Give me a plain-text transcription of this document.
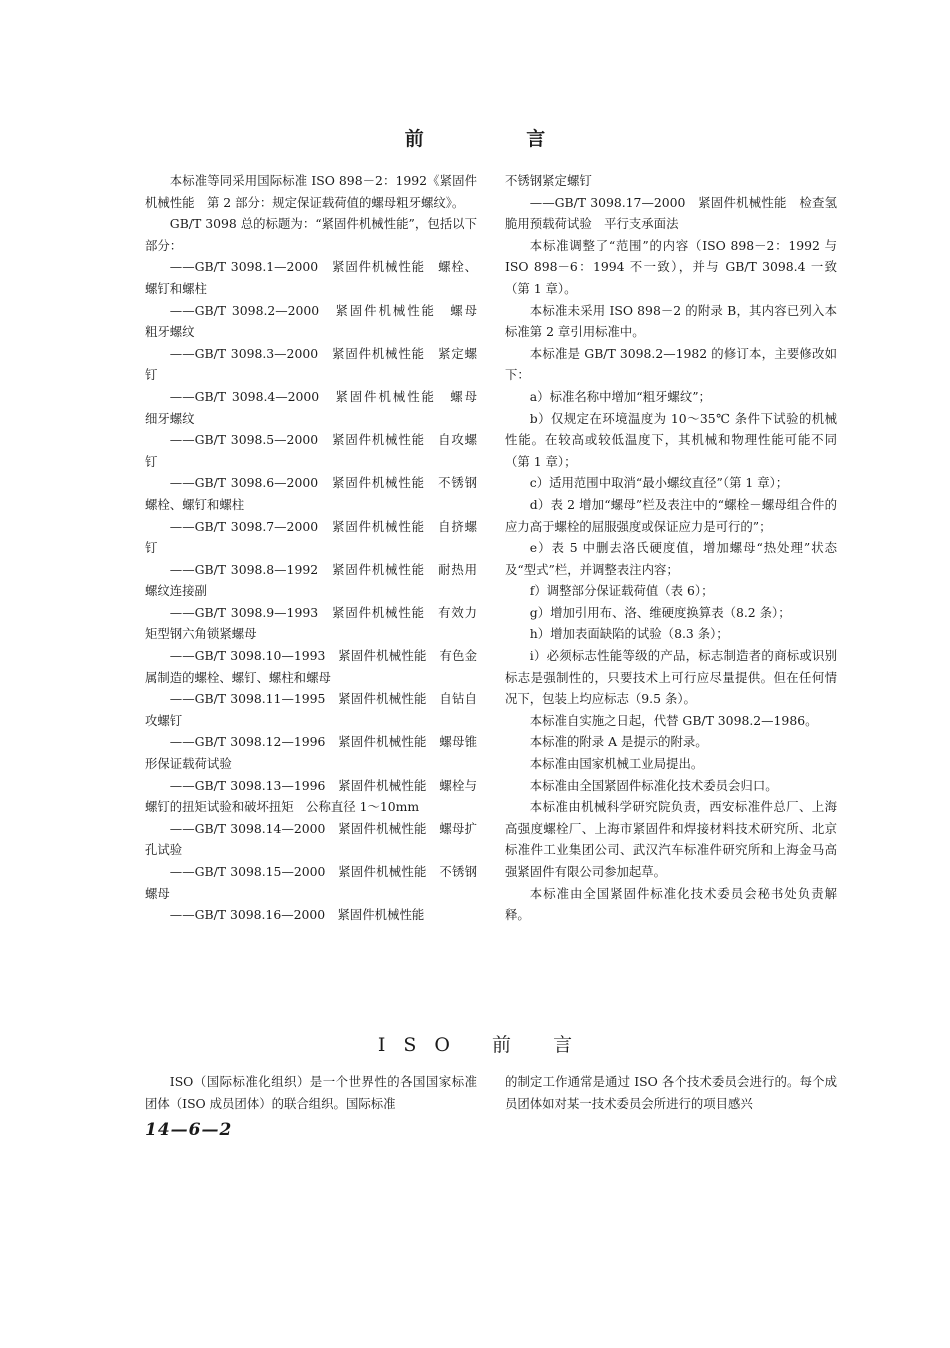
前 言

本标准等同采用国际标准 ISO 898－2：1992《紧固件机械性能　第 2 部分：规定保证载荷值的螺母粗牙螺纹》。

GB/T 3098 总的标题为：“紧固件机械性能”，包括以下部分：

——GB/T 3098.1—2000　紧固件机械性能　螺栓、螺钉和螺柱

——GB/T 3098.2—2000　紧固件机械性能　螺母　粗牙螺纹

——GB/T 3098.3—2000　紧固件机械性能　紧定螺钉

——GB/T 3098.4—2000　紧固件机械性能　螺母　细牙螺纹

——GB/T 3098.5—2000　紧固件机械性能　自攻螺钉

——GB/T 3098.6—2000　紧固件机械性能　不锈钢螺栓、螺钉和螺柱

——GB/T 3098.7—2000　紧固件机械性能　自挤螺钉

——GB/T 3098.8—1992　紧固件机械性能　耐热用螺纹连接副

——GB/T 3098.9—1993　紧固件机械性能　有效力矩型钢六角锁紧螺母

——GB/T 3098.10—1993　紧固件机械性能　有色金属制造的螺栓、螺钉、螺柱和螺母

——GB/T 3098.11—1995　紧固件机械性能　自钻自攻螺钉

——GB/T 3098.12—1996　紧固件机械性能　螺母锥形保证载荷试验

——GB/T 3098.13—1996　紧固件机械性能　螺栓与螺钉的扭矩试验和破坏扭矩　公称直径 1～10mm

——GB/T 3098.14—2000　紧固件机械性能　螺母扩孔试验

——GB/T 3098.15—2000　紧固件机械性能　不锈钢螺母

——GB/T 3098.16—2000　紧固件机械性能

不锈钢紧定螺钉

——GB/T 3098.17—2000　紧固件机械性能　检查氢脆用预载荷试验　平行支承面法

本标准调整了“范围”的内容（ISO 898－2：1992 与 ISO 898－6：1994 不一致），并与 GB/T 3098.4 一致（第 1 章）。

本标准未采用 ISO 898－2 的附录 B，其内容已列入本标准第 2 章引用标准中。

本标准是 GB/T 3098.2—1982 的修订本，主要修改如下：

a）标准名称中增加“粗牙螺纹”；

b）仅规定在环境温度为 10～35℃ 条件下试验的机械性能。在较高或较低温度下，其机械和物理性能可能不同（第 1 章）；

c）适用范围中取消“最小螺纹直径”（第 1 章）；

d）表 2 增加“螺母”栏及表注中的“螺栓－螺母组合件的应力高于螺栓的屈服强度或保证应力是可行的”；

e）表 5 中删去洛氏硬度值，增加螺母“热处理”状态及“型式”栏，并调整表注内容；

f）调整部分保证载荷值（表 6）；

g）增加引用布、洛、维硬度换算表（8.2 条）；

h）增加表面缺陷的试验（8.3 条）；

i）必须标志性能等级的产品，标志制造者的商标或识别标志是强制性的，只要技术上可行应尽量提供。但在任何情况下，包装上均应标志（9.5 条）。

本标准自实施之日起，代替 GB/T 3098.2—1986。

本标准的附录 A 是提示的附录。

本标准由国家机械工业局提出。

本标准由全国紧固件标准化技术委员会归口。

本标准由机械科学研究院负责，西安标准件总厂、上海高强度螺栓厂、上海市紧固件和焊接材料技术研究所、北京标准件工业集团公司、武汉汽车标准件研究所和上海金马高强紧固件有限公司参加起草。

本标准由全国紧固件标准化技术委员会秘书处负责解释。

ISO 前 言

ISO（国际标准化组织）是一个世界性的各国国家标准团体（ISO 成员团体）的联合组织。国际标准

的制定工作通常是通过 ISO 各个技术委员会进行的。每个成员团体如对某一技术委员会所进行的项目感兴

14—6—2
